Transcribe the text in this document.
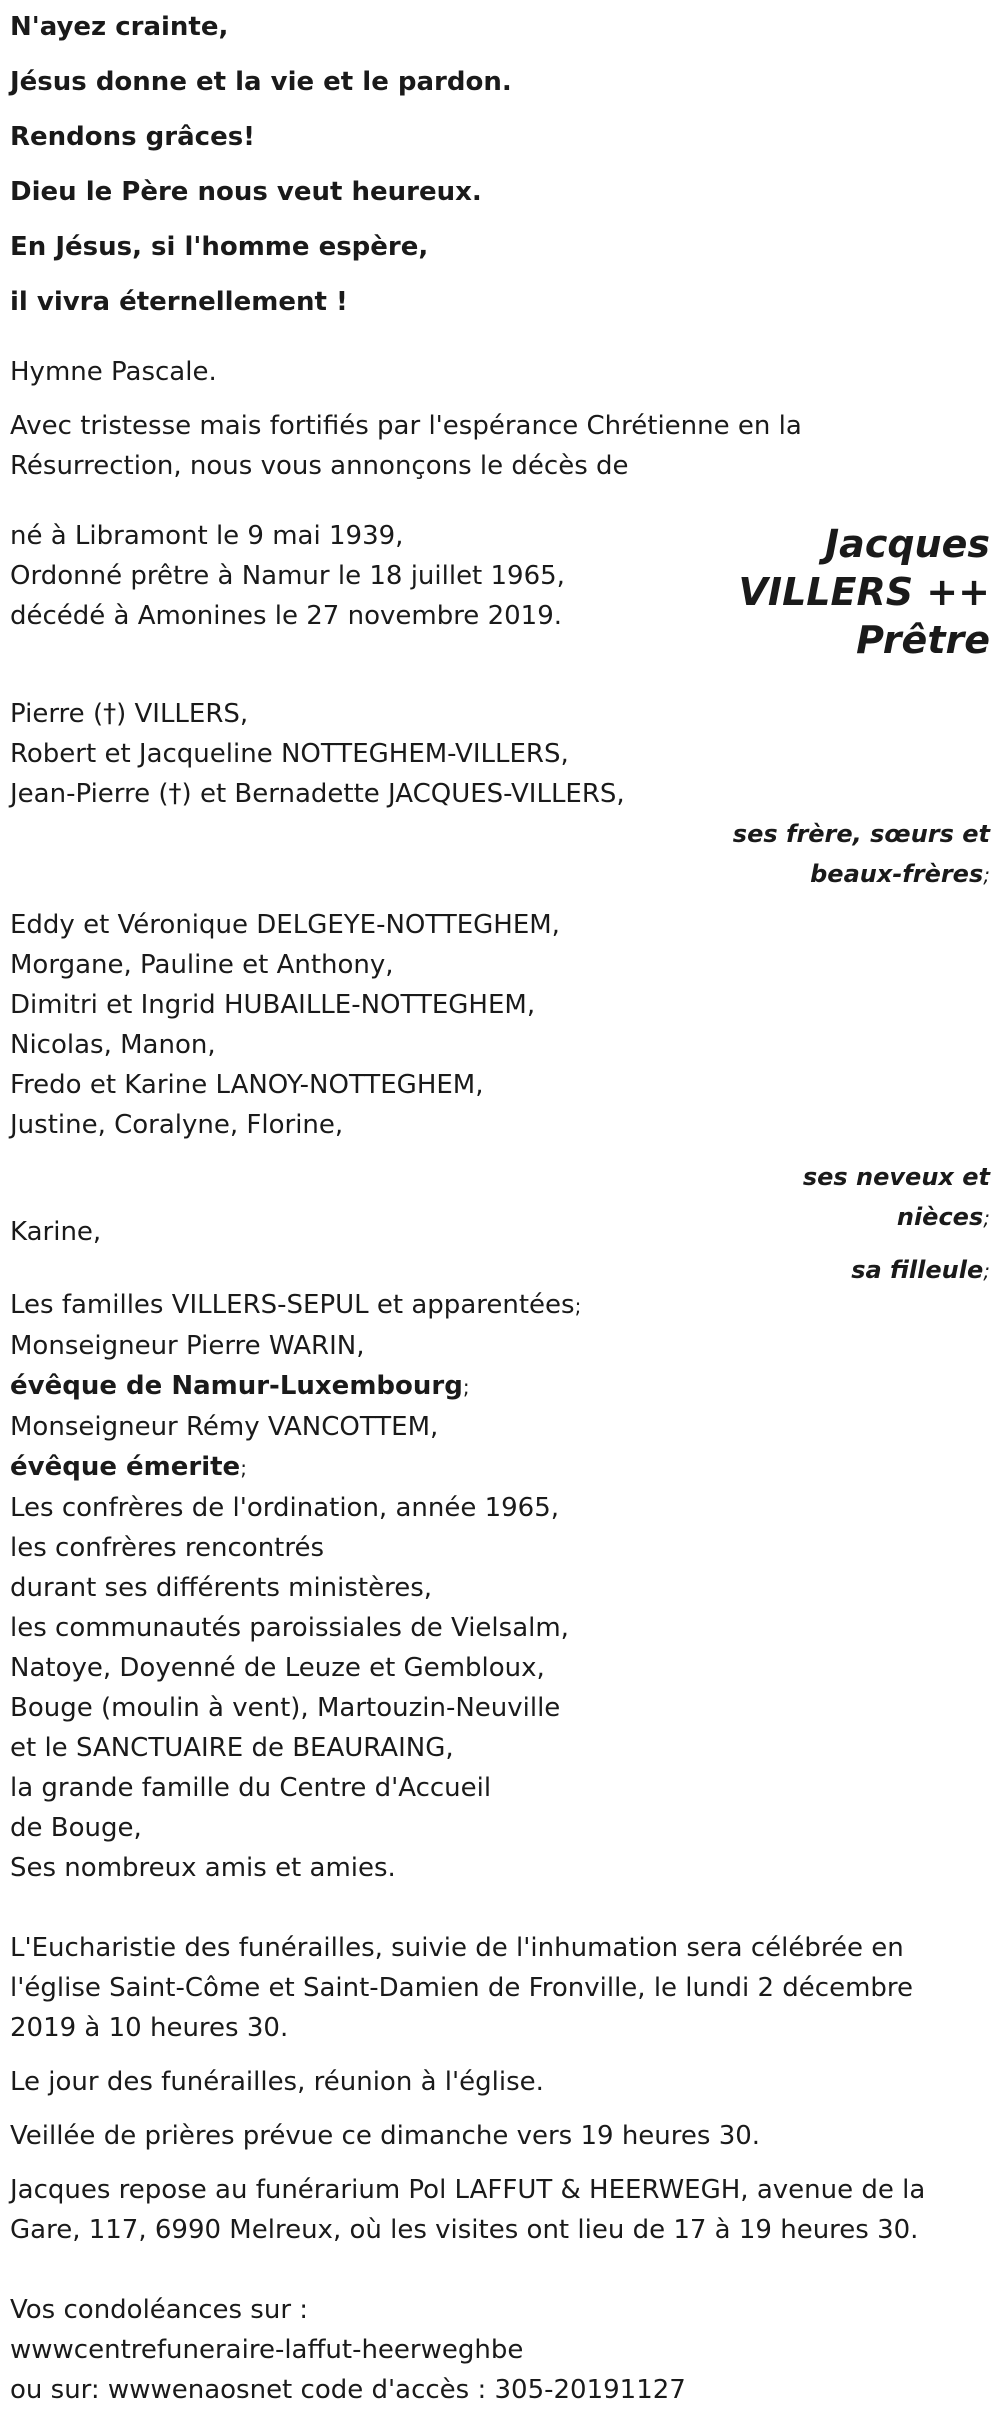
N'ayez crainte,

Jésus donne et la vie et le pardon.

Rendons grâces!

Dieu le Père nous veut heureux.

En Jésus, si l'homme espère,

il vivra éternellement !

Hymne Pascale.

Avec tristesse mais fortifiés par l'espérance Chrétienne en la Résurrection, nous vous annonçons le décès de

né à Libramont le 9 mai 1939,

Ordonné prêtre à Namur le 18 juillet 1965,

décédé à Amonines le 27 novembre 2019.

Jacques
VILLERS ++
Prêtre

Pierre (†) VILLERS,

Robert et Jacqueline NOTTEGHEM-VILLERS,

Jean-Pierre (†) et Bernadette JACQUES-VILLERS,

ses frère, sœurs et
beaux-frères;

Eddy et Véronique DELGEYE-NOTTEGHEM,

Morgane, Pauline et Anthony,

Dimitri et Ingrid HUBAILLE-NOTTEGHEM,

Nicolas, Manon,

Fredo et Karine LANOY-NOTTEGHEM,

Justine, Coralyne, Florine,

ses neveux et
nièces;

Karine,

sa filleule;

Les familles VILLERS-SEPUL et apparentées;

Monseigneur Pierre WARIN,

évêque de Namur-Luxembourg;

Monseigneur Rémy VANCOTTEM,

évêque émerite;

Les confrères de l'ordination, année 1965,

les confrères rencontrés

durant ses différents ministères,

les communautés paroissiales de Vielsalm,

Natoye, Doyenné de Leuze et Gembloux,

Bouge (moulin à vent), Martouzin-Neuville

et le SANCTUAIRE de BEAURAING,

la grande famille du Centre d'Accueil

de Bouge,

Ses nombreux amis et amies.

L'Eucharistie des funérailles, suivie de l'inhumation sera célébrée en l'église Saint-Côme et Saint-Damien de Fronville, le lundi 2 décembre 2019 à 10 heures 30.

Le jour des funérailles, réunion à l'église.

Veillée de prières prévue ce dimanche vers 19 heures 30.

Jacques repose au funérarium Pol LAFFUT & HEERWEGH, avenue de la Gare, 117, 6990 Melreux, où les visites ont lieu de 17 à 19 heures 30.

Vos condoléances sur :

wwwcentrefuneraire-laffut-heerweghbe

ou sur: wwwenaosnet code d'accès : 305-20191127
